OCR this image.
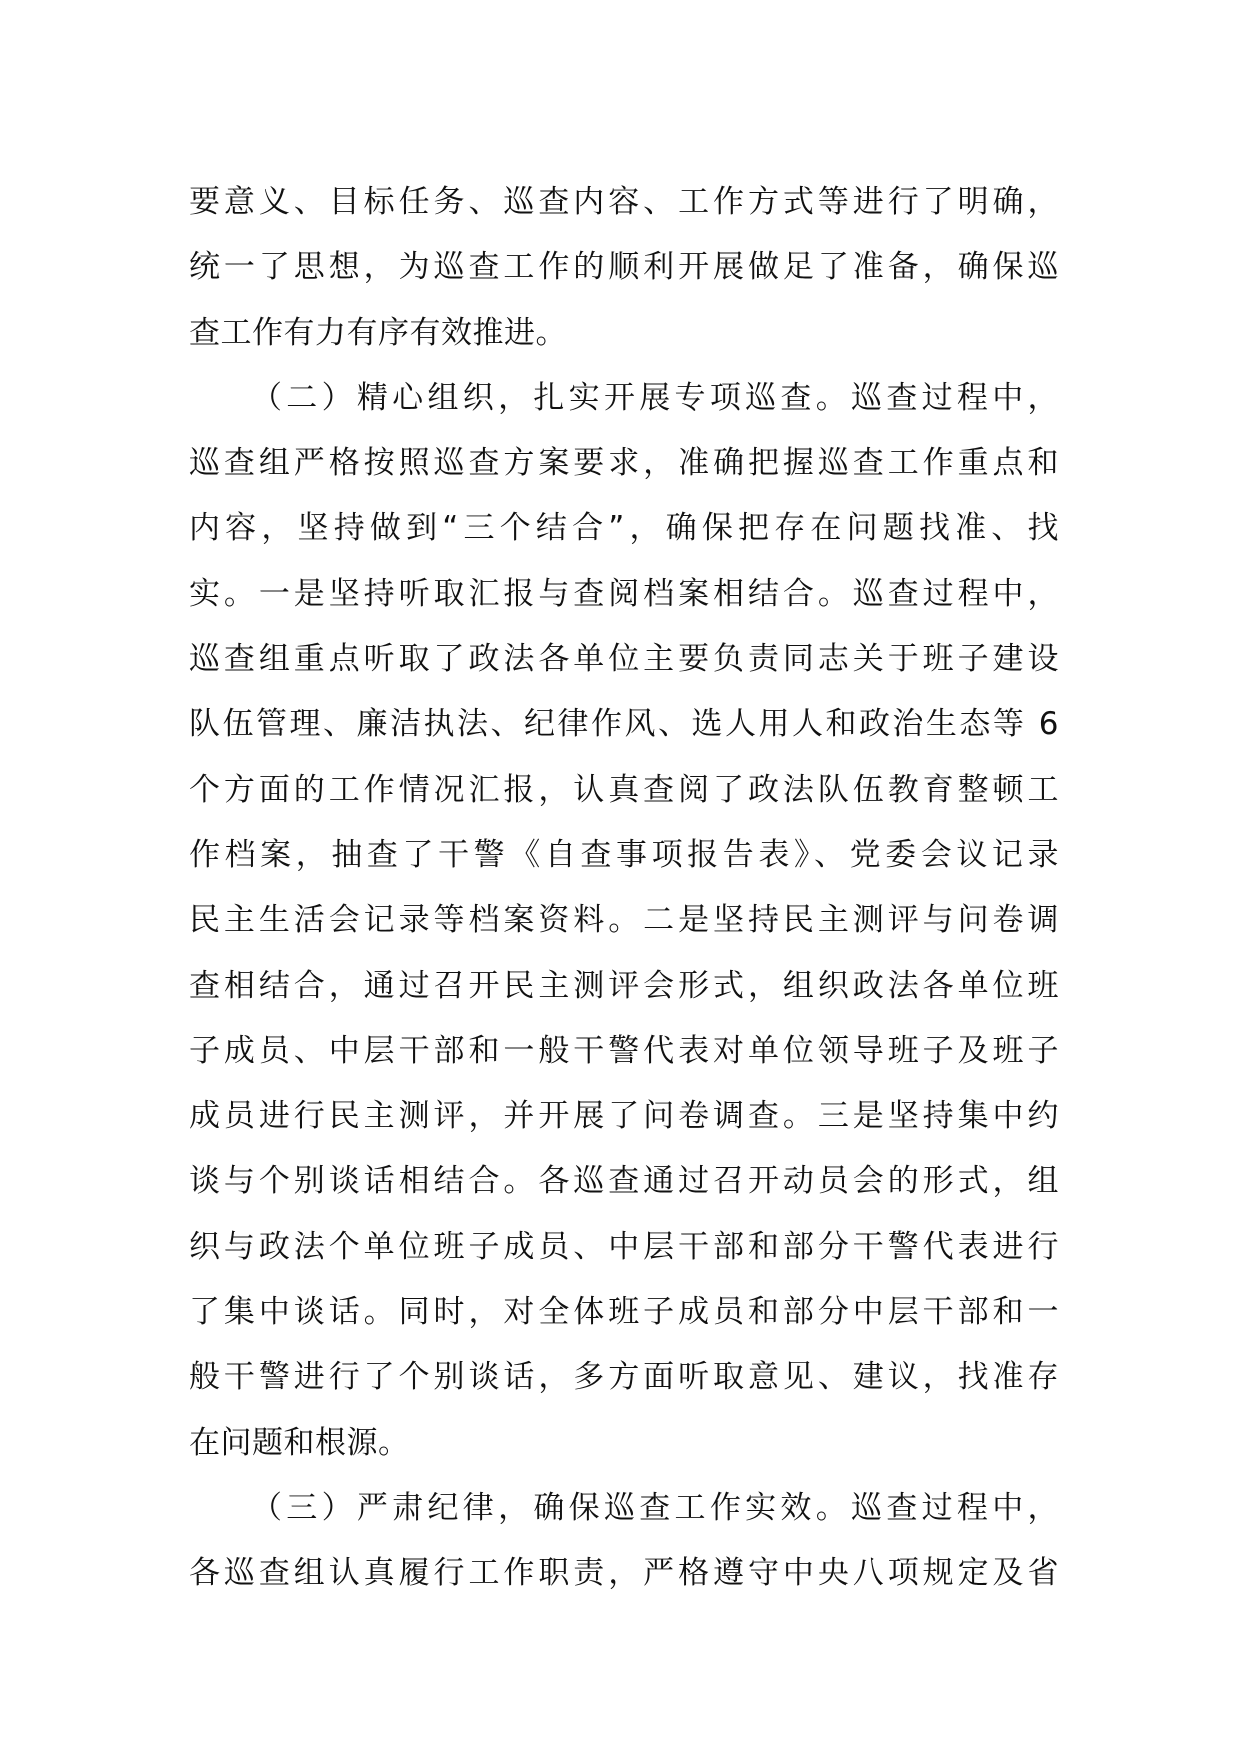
要意义、目标任务、巡查内容、工作方式等进行了明确，
统一了思想，为巡查工作的顺利开展做足了准备，确保巡
查工作有力有序有效推进。
（二）精心组织，扎实开展专项巡查。巡查过程中，
巡查组严格按照巡查方案要求，准确把握巡查工作重点和
内容，坚持做到“三个结合”，确保把存在问题找准、找
实。一是坚持听取汇报与查阅档案相结合。巡查过程中，
巡查组重点听取了政法各单位主要负责同志关于班子建设
队伍管理、廉洁执法、纪律作风、选人用人和政治生态等 6
个方面的工作情况汇报，认真查阅了政法队伍教育整顿工
作档案，抽查了干警《自查事项报告表》、党委会议记录
民主生活会记录等档案资料。二是坚持民主测评与问卷调
查相结合，通过召开民主测评会形式，组织政法各单位班
子成员、中层干部和一般干警代表对单位领导班子及班子
成员进行民主测评，并开展了问卷调查。三是坚持集中约
谈与个别谈话相结合。各巡查通过召开动员会的形式，组
织与政法个单位班子成员、中层干部和部分干警代表进行
了集中谈话。同时，对全体班子成员和部分中层干部和一
般干警进行了个别谈话，多方面听取意见、建议，找准存
在问题和根源。
（三）严肃纪律，确保巡查工作实效。巡查过程中，
各巡查组认真履行工作职责，严格遵守中央八项规定及省
